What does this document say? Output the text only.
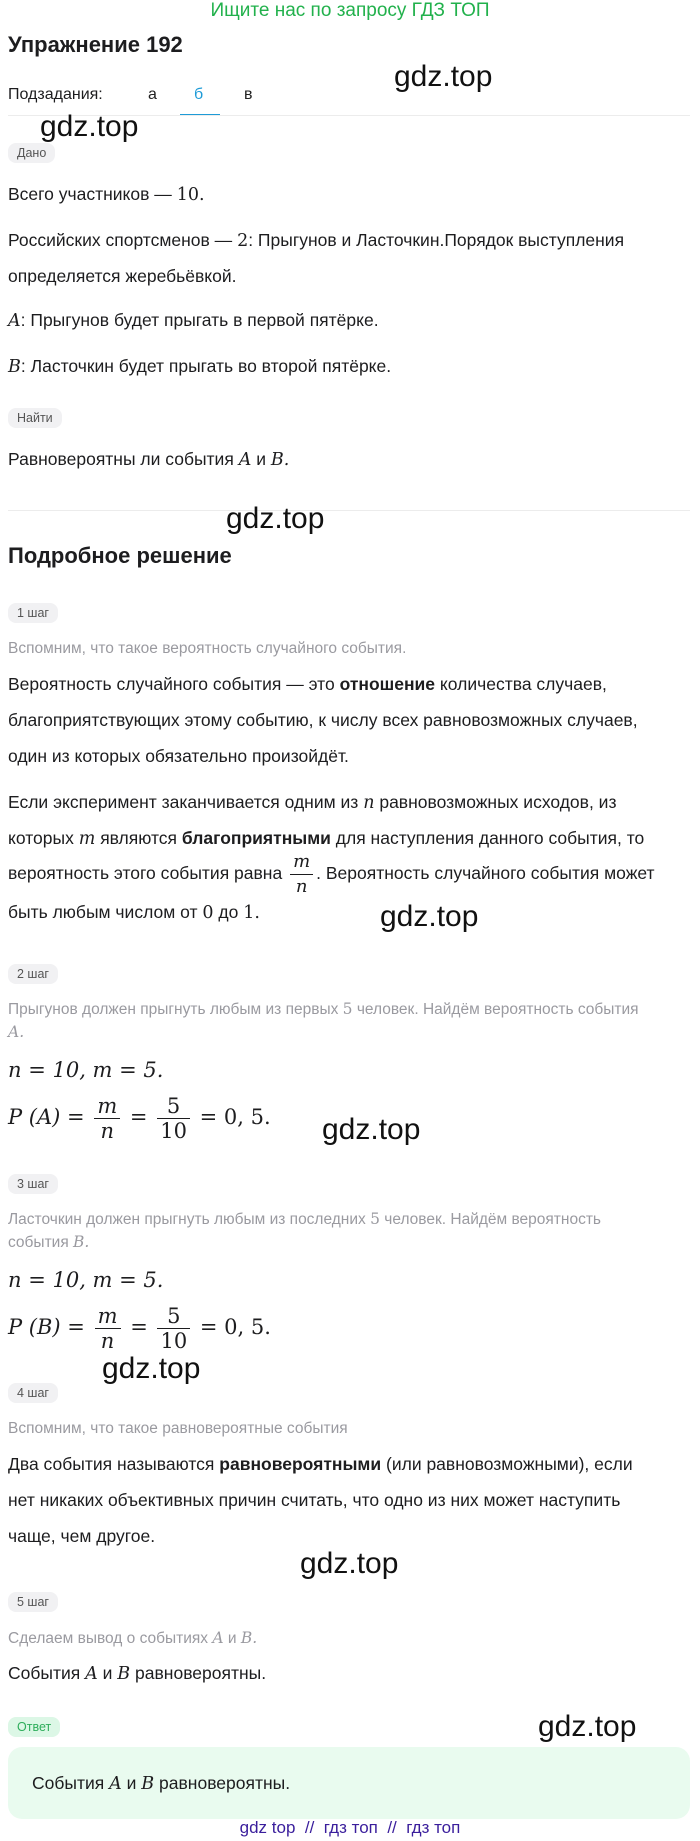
Ищите нас по запросу ГДЗ ТОП
Упражнение 192
gdz.top
Подзадания:	а б	в
gdz.top
Дано
Всего участников — 10.
Российских спортсменов — 2: Прыгунов и Ласточкин.Порядок выступления
определяется жеребьёвкой.
A: Прыгунов будет прыгать в первой пятёрке.
B: Ласточкин будет прыгать во второй пятёрке.
Найти
Равновероятны ли события A и B.
gdz.top
Подробное решение
1 шаг
Вспомним, что такое вероятность случайного события.
Вероятность случайного события — это отношение количества случаев,
благоприятствующих этому событию, к числу всех равновозможных случаев,
один из которых обязательно произойдёт.
Если эксперимент заканчивается одним из n равновозможных исходов, из
которых m являются благоприятными для наступления данного события, то
вероятность этого события равна $\frac{m}{n}$ . Вероятность случайного события может
быть любым числом от 0 до 1.	gdz.top
2 шаг
Прыгунов должен прыгнуть любым из первых 5 человек. Найдём вероятность события
A.
n = 10, m = 5.
P $(A) = \frac{m}{n} = \frac{5}{10} = 0$, 5. gdz.top
3 шаг
Ласточкин должен прыгнуть любым из последних 5 человек. Найдём вероятность
события B.
n = 10, m = 5.
P $(B) = \frac{m}{n} = \frac{5}{10} = 0$, 5.
gdz.top
4 шаг
Вспомним, что такое равновероятные события
Два события называются равновероятными (или равновозможными), если
нет никаких объективных причин считать, что одно из них может наступить
чаще, чем другое.
gdz.top
5 шаг
Сделаем вывод о событиях A и B.
События A и B равновероятны.
Ответ	gdz.top
События A и B равновероятны.
gdz top  //  гдз топ  //  гдз топ
